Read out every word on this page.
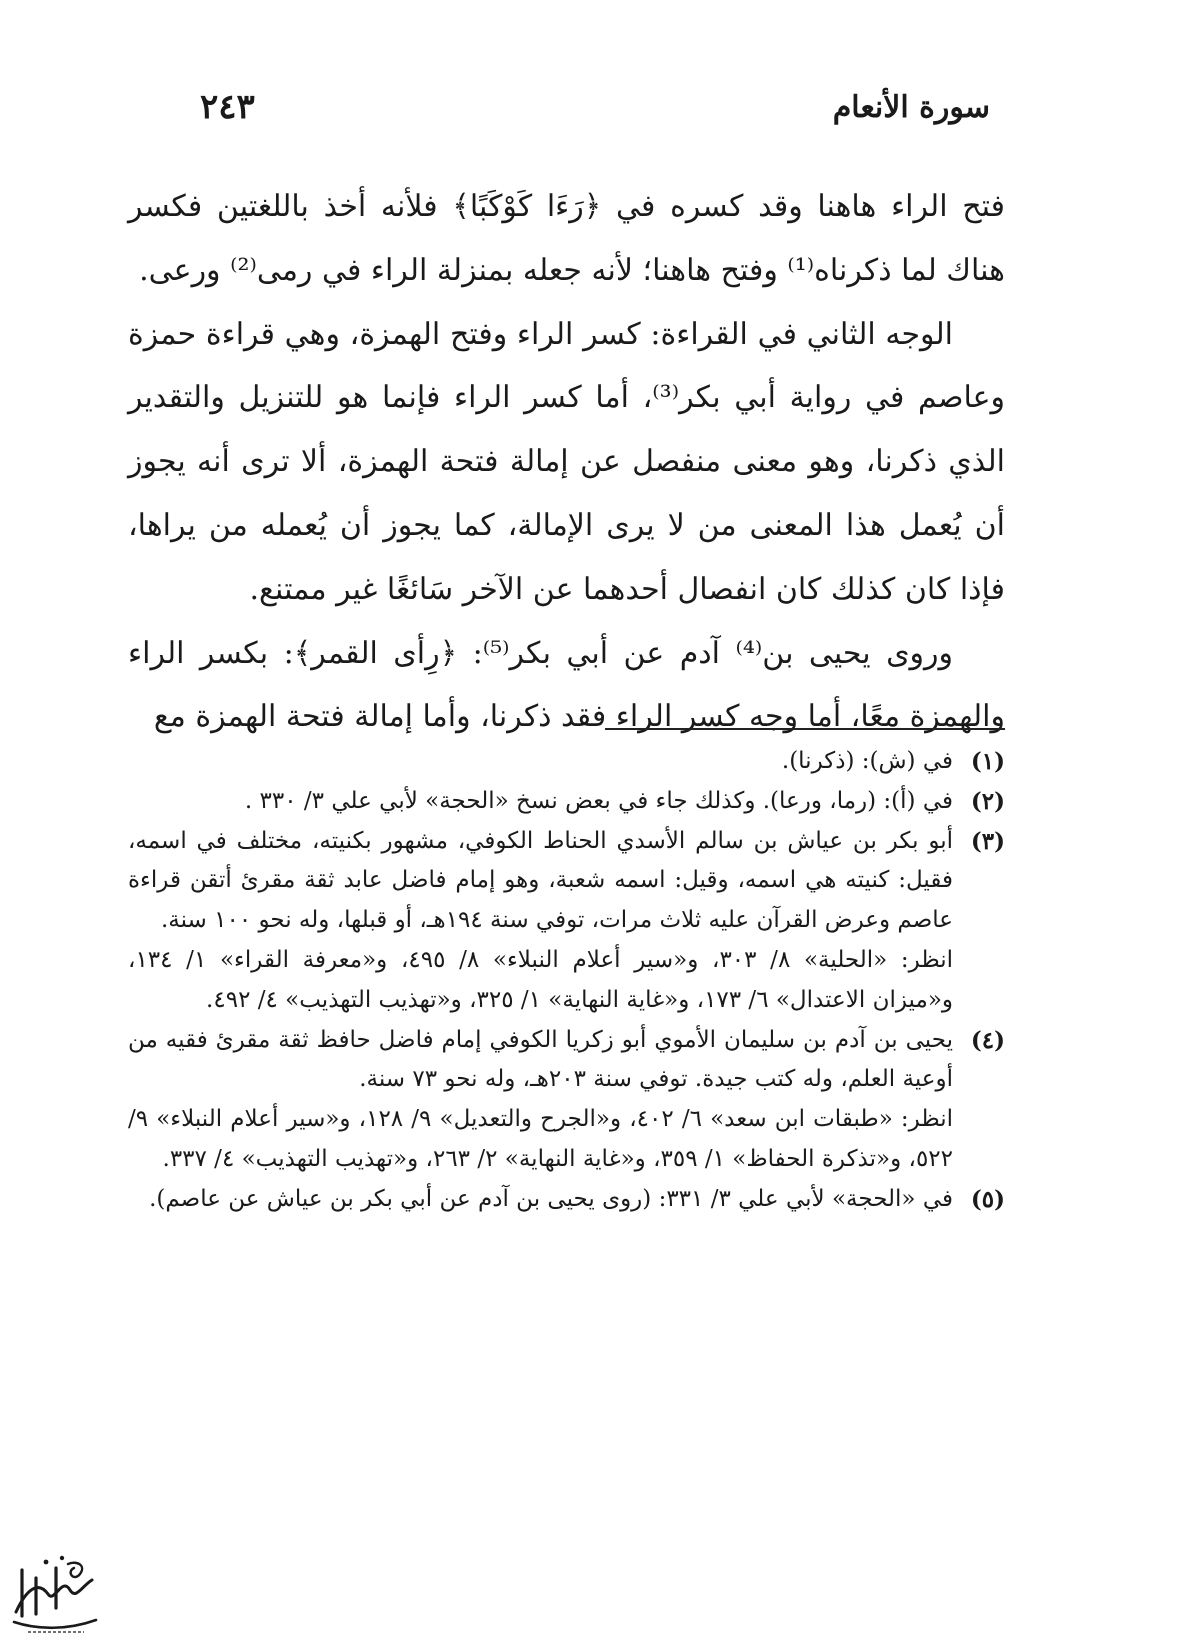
سورة الأنعام
٢٤٣

فتح الراء هاهنا وقد كسره في ﴿رَءَا كَوْكَبًا﴾ فلأنه أخذ باللغتين فكسر هناك لما ذكرناه⁽¹⁾ وفتح هاهنا؛ لأنه جعله بمنزلة الراء في رمى⁽²⁾ ورعى.

الوجه الثاني في القراءة: كسر الراء وفتح الهمزة، وهي قراءة حمزة وعاصم في رواية أبي بكر⁽³⁾، أما كسر الراء فإنما هو للتنزيل والتقدير الذي ذكرنا، وهو معنى منفصل عن إمالة فتحة الهمزة، ألا ترى أنه يجوز أن يُعمل هذا المعنى من لا يرى الإمالة، كما يجوز أن يُعمله من يراها، فإذا كان كذلك كان انفصال أحدهما عن الآخر سَائغًا غير ممتنع.

وروى يحيى بن⁽⁴⁾ آدم عن أبي بكر⁽⁵⁾: ﴿رِأى القمر﴾: بكسر الراء والهمزة معًا، أما وجه كسر الراء فقد ذكرنا، وأما إمالة فتحة الهمزة مع

(١)

في (ش): (ذكرنا).

(٢)

في (أ): (رما، ورعا). وكذلك جاء في بعض نسخ «الحجة» لأبي علي ٣/ ٣٣٠ .

(٣)

أبو بكر بن عياش بن سالم الأسدي الحناط الكوفي، مشهور بكنيته، مختلف في اسمه، فقيل: كنيته هي اسمه، وقيل: اسمه شعبة، وهو إمام فاضل عابد ثقة مقرئ أتقن قراءة عاصم وعرض القرآن عليه ثلاث مرات، توفي سنة ١٩٤هـ، أو قبلها، وله نحو ١٠٠ سنة.

انظر: «الحلية» ٨/ ٣٠٣، و«سير أعلام النبلاء» ٨/ ٤٩٥، و«معرفة القراء» ١/ ١٣٤، و«ميزان الاعتدال» ٦/ ١٧٣، و«غاية النهاية» ١/ ٣٢٥، و«تهذيب التهذيب» ٤/ ٤٩٢.

(٤)

يحيى بن آدم بن سليمان الأموي أبو زكريا الكوفي إمام فاضل حافظ ثقة مقرئ فقيه من أوعية العلم، وله كتب جيدة. توفي سنة ٢٠٣هـ، وله نحو ٧٣ سنة.

انظر: «طبقات ابن سعد» ٦/ ٤٠٢، و«الجرح والتعديل» ٩/ ١٢٨، و«سير أعلام النبلاء» ٩/ ٥٢٢، و«تذكرة الحفاظ» ١/ ٣٥٩، و«غاية النهاية» ٢/ ٢٦٣، و«تهذيب التهذيب» ٤/ ٣٣٧.

(٥)

في «الحجة» لأبي علي ٣/ ٣٣١: (روى يحيى بن آدم عن أبي بكر بن عياش عن عاصم).
